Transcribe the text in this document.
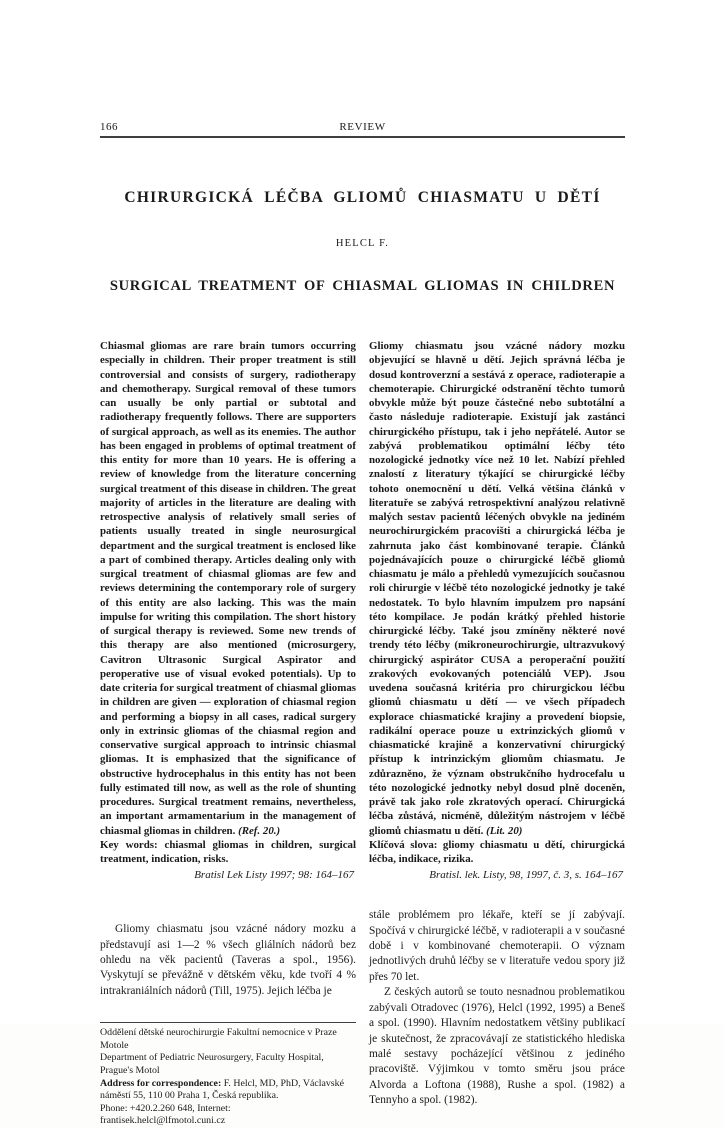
166	REVIEW
CHIRURGICKÁ LÉČBA GLIOMŮ CHIASMATU U DĚTÍ
HELCL F.
SURGICAL TREATMENT OF CHIASMAL GLIOMAS IN CHILDREN

Chiasmal gliomas are rare brain tumors occurring especially in children. Their proper treatment is still controversial and consists of surgery, radiotherapy and chemotherapy. Surgical removal of these tumors can usually be only partial or subtotal and radiotherapy frequently follows. There are supporters of surgical approach, as well as its enemies. The author has been engaged in problems of optimal treatment of this entity for more than 10 years. He is offering a review of knowledge from the literature concerning surgical treatment of this disease in children. The great majority of articles in the literature are dealing with retrospective analysis of relatively small series of patients usually treated in single neurosurgical department and the surgical treatment is enclosed like a part of combined therapy. Articles dealing only with surgical treatment of chiasmal gliomas are few and reviews determining the contemporary role of surgery of this entity are also lacking. This was the main impulse for writing this compilation. The short history of surgical therapy is reviewed. Some new trends of this therapy are also mentioned (microsurgery, Cavitron Ultrasonic Surgical Aspirator and peroperative use of visual evoked potentials). Up to date criteria for surgical treatment of chiasmal gliomas in children are given — exploration of chiasmal region and performing a biopsy in all cases, radical surgery only in extrinsic gliomas of the chiasmal region and conservative surgical approach to intrinsic chiasmal gliomas. It is emphasized that the significance of obstructive hydrocephalus in this entity has not been fully estimated till now, as well as the role of shunting procedures. Surgical treatment remains, nevertheless, an important armamentarium in the management of chiasmal gliomas in children. (Ref. 20.)

Key words: chiasmal gliomas in children, surgical treatment, indication, risks.

Bratisl Lek Listy 1997; 98: 164–167

Gliomy chiasmatu jsou vzácné nádory mozku a představují asi 1—2 % všech gliálních nádorů bez ohledu na věk pacientů (Taveras a spol., 1956). Vyskytují se převážně v dětském věku, kde tvoří 4 % intrakraniálních nádorů (Till, 1975). Jejich léčba je

Oddělení dětské neurochirurgie Fakultní nemocnice v Praze Motole

Department of Pediatric Neurosurgery, Faculty Hospital, Prague's Motol

Address for correspondence: F. Helcl, MD, PhD, Václavské náměstí 55, 110 00 Praha 1, Česká republika.

Phone: +420.2.260 648, Internet: frantisek.helcl@lfmotol.cuni.cz

Gliomy chiasmatu jsou vzácné nádory mozku objevující se hlavně u dětí. Jejich správná léčba je dosud kontroverzní a sestává z operace, radioterapie a chemoterapie. Chirurgické odstranění těchto tumorů obvykle může být pouze částečné nebo subtotální a často následuje radioterapie. Existují jak zastánci chirurgického přístupu, tak i jeho nepřátelé. Autor se zabývá problematikou optimální léčby této nozologické jednotky více než 10 let. Nabízí přehled znalostí z literatury týkající se chirurgické léčby tohoto onemocnění u dětí. Velká většina článků v literatuře se zabývá retrospektivní analýzou relativně malých sestav pacientů léčených obvykle na jediném neurochirurgickém pracovišti a chirurgická léčba je zahrnuta jako část kombinované terapie. Článků pojednávajících pouze o chirurgické léčbě gliomů chiasmatu je málo a přehledů vymezujících současnou roli chirurgie v léčbě této nozologické jednotky je také nedostatek. To bylo hlavním impulzem pro napsání této kompilace. Je podán krátký přehled historie chirurgické léčby. Také jsou zmíněny některé nové trendy této léčby (mikroneurochirurgie, ultrazvukový chirurgický aspirátor CUSA a peroperační použití zrakových evokovaných potenciálů VEP). Jsou uvedena současná kritéria pro chirurgickou léčbu gliomů chiasmatu u dětí — ve všech případech explorace chiasmatické krajiny a provedení biopsie, radikální operace pouze u extrinzických gliomů v chiasmatické krajině a konzervativní chirurgický přístup k intrinzickým gliomům chiasmatu. Je zdůrazněno, že význam obstrukčního hydrocefalu u této nozologické jednotky nebyl dosud plně doceněn, právě tak jako role zkratových operací. Chirurgická léčba zůstává, nicméně, důležitým nástrojem v léčbě gliomů chiasmatu u dětí. (Lit. 20)

Klíčová slova: gliomy chiasmatu u dětí, chirurgická léčba, indikace, rizika.

Bratisl. lek. Listy, 98, 1997, č. 3, s. 164–167

stále problémem pro lékaře, kteří se jí zabývají. Spočívá v chirurgické léčbě, v radioterapii a v současné době i v kombinované chemoterapii. O význam jednotlivých druhů léčby se v literatuře vedou spory již přes 70 let.

Z českých autorů se touto nesnadnou problematikou zabývali Otradovec (1976), Helcl (1992, 1995) a Beneš a spol. (1990). Hlavním nedostatkem většiny publikací je skutečnost, že zpracovávají ze statistického hlediska malé sestavy pocházející většinou z jediného pracoviště. Výjimkou v tomto směru jsou práce Alvorda a Loftona (1988), Rushe a spol. (1982) a Tennyho a spol. (1982).
